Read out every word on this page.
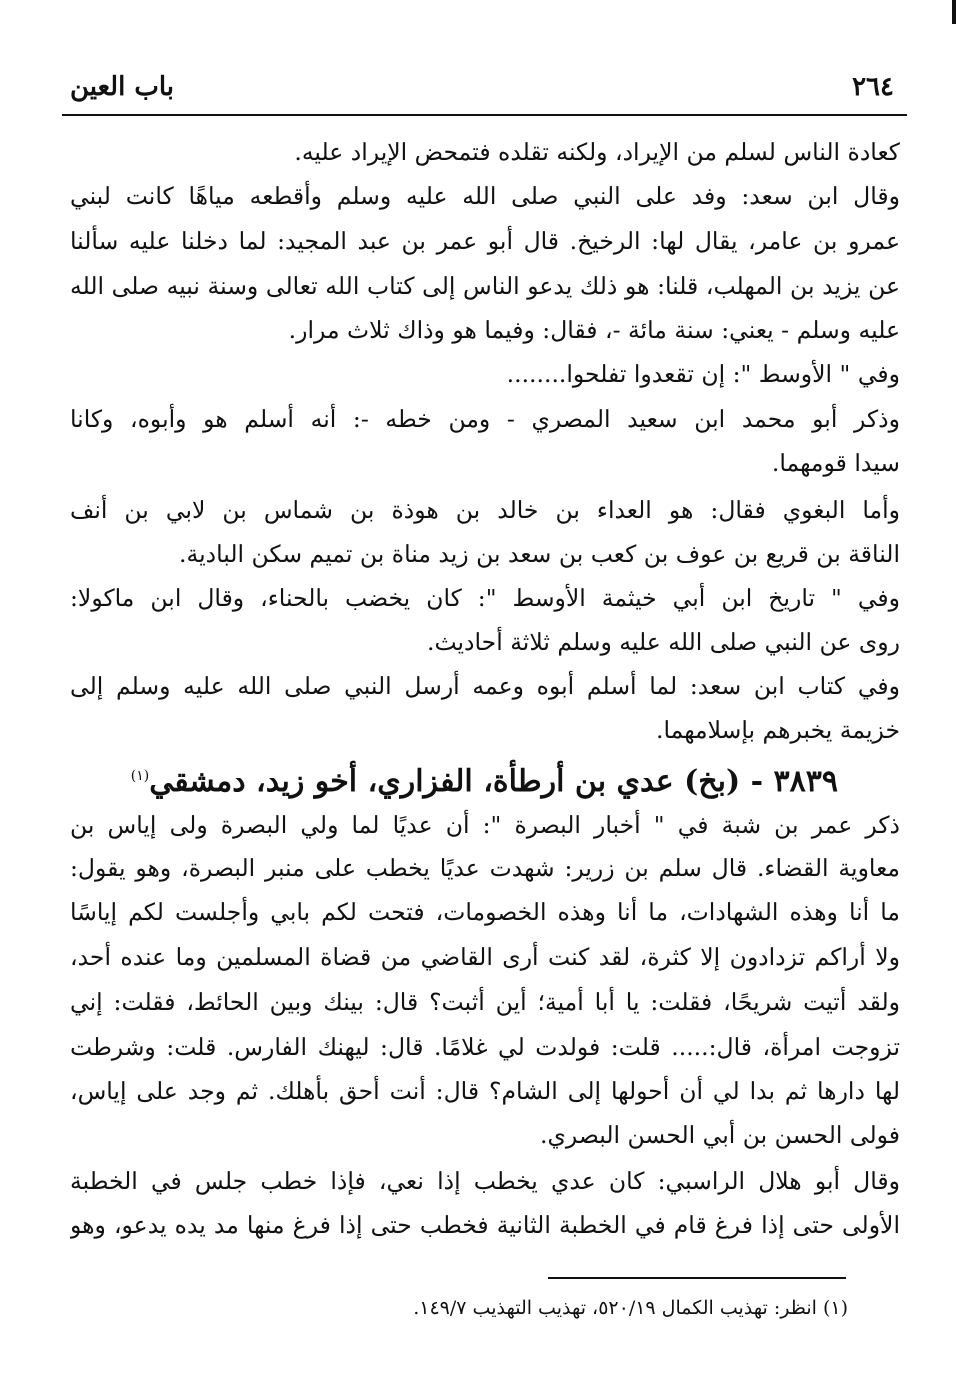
باب العين	٢٦٤
كعادة الناس لسلم من الإيراد، ولكنه تقلده فتمحض الإيراد عليه.
وقال ابن سعد: وفد على النبي صلى الله عليه وسلم وأقطعه مياهًا كانت لبني
عمرو بن عامر، يقال لها: الرخيخ. قال أبو عمر بن عبد المجيد: لما دخلنا عليه سألنا
عن يزيد بن المهلب، قلنا: هو ذلك يدعو الناس إلى كتاب الله تعالى وسنة نبيه صلى الله
عليه وسلم - يعني: سنة مائة -، فقال: وفيما هو وذاك ثلاث مرار.
وفي " الأوسط ": إن تقعدوا تفلحوا........
وذكر أبو محمد ابن سعيد المصري - ومن خطه -: أنه أسلم هو وأبوه، وكانا
سيدا قومهما.
وأما البغوي فقال: هو العداء بن خالد بن هوذة بن شماس بن لابي بن أنف
الناقة بن قريع بن عوف بن كعب بن سعد بن زيد مناة بن تميم سكن البادية.
وفي " تاريخ ابن أبي خيثمة الأوسط ": كان يخضب بالحناء، وقال ابن ماكولا:
روى عن النبي صلى الله عليه وسلم ثلاثة أحاديث.
وفي كتاب ابن سعد: لما أسلم أبوه وعمه أرسل النبي صلى الله عليه وسلم إلى
خزيمة يخبرهم بإسلامهما.
٣٨٣٩ - (بخ) عدي بن أرطأة، الفزاري، أخو زيد، دمشقي$^{(١)}$
ذكر عمر بن شبة في " أخبار البصرة ": أن عديًا لما ولي البصرة ولى إياس بن
معاوية القضاء. قال سلم بن زرير: شهدت عديًا يخطب على منبر البصرة، وهو يقول:
ما أنا وهذه الشهادات، ما أنا وهذه الخصومات، فتحت لكم بابي وأجلست لكم إياسًا
ولا أراكم تزدادون إلا كثرة، لقد كنت أرى القاضي من قضاة المسلمين وما عنده أحد،
ولقد أتيت شريحًا، فقلت: يا أبا أمية؛ أين أثبت؟ قال: بينك وبين الحائط، فقلت: إني
تزوجت امرأة، قال:..... قلت: فولدت لي غلامًا. قال: ليهنك الفارس. قلت: وشرطت
لها دارها ثم بدا لي أن أحولها إلى الشام؟ قال: أنت أحق بأهلك. ثم وجد على إياس،
فولى الحسن بن أبي الحسن البصري.
وقال أبو هلال الراسبي: كان عدي يخطب إذا نعي، فإذا خطب جلس في الخطبة
الأولى حتى إذا فرغ قام في الخطبة الثانية فخطب حتى إذا فرغ منها مد يده يدعو، وهو
(١) انظر: تهذيب الكمال ٥٢٠/١٩، تهذيب التهذيب ١٤٩/٧.
